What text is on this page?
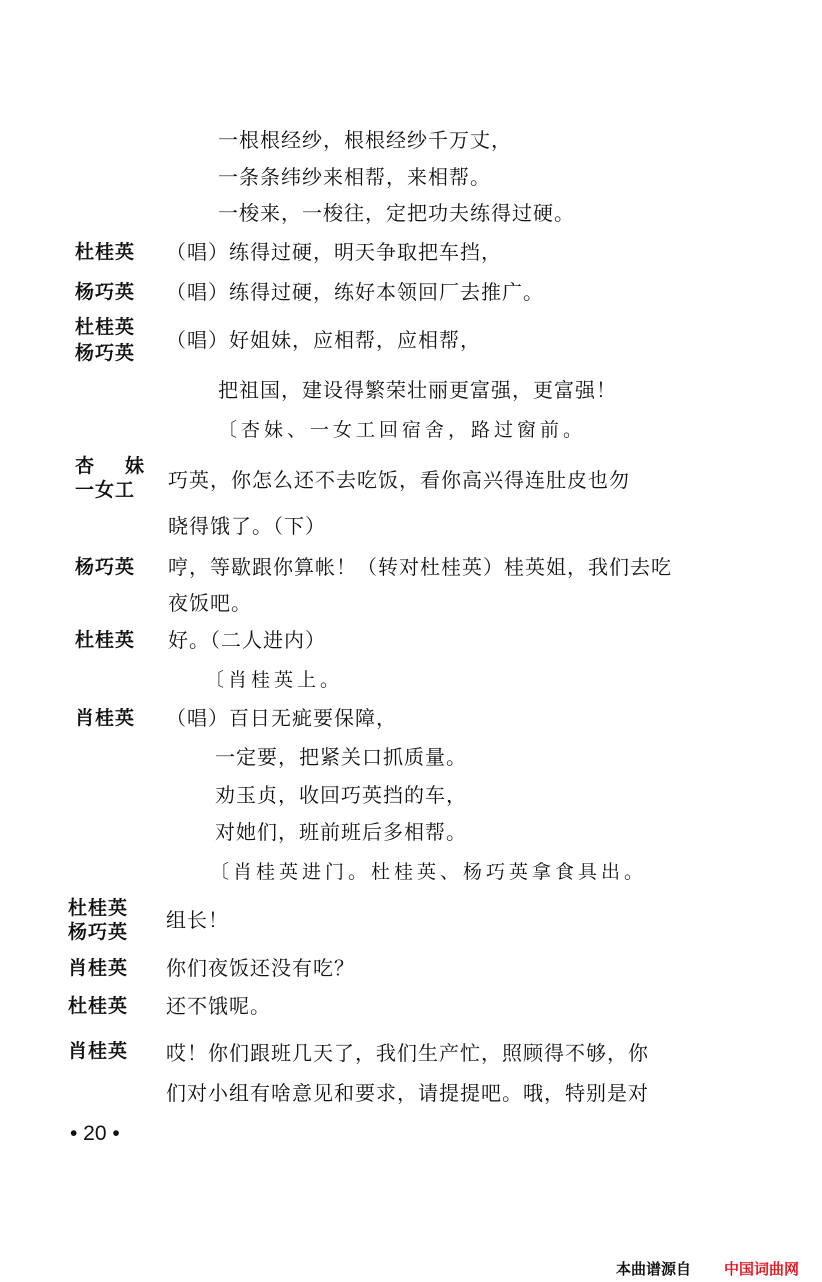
一根根经纱，根根经纱千万丈，
一条条纬纱来相帮，来相帮。
一梭来，一梭往，定把功夫练得过硬。
杜桂英 （唱）练得过硬，明天争取把车挡，
杨巧英 （唱）练得过硬，练好本领回厂去推广。
杜桂英
杨巧英
（唱）好姐妹，应相帮，应相帮，
把祖国，建设得繁荣壮丽更富强，更富强！
〔杏妹、一女工回宿舍，路过窗前。
杏　妹
一女工 巧英，你怎么还不去吃饭，看你高兴得连肚皮也勿
晓得饿了。（下）
杨巧英 哼，等歇跟你算帐！（转对杜桂英）桂英姐，我们去吃
夜饭吧。
杜桂英 好。（二人进内）
〔肖桂英上。
肖桂英 （唱）百日无疵要保障，
一定要，把紧关口抓质量。
劝玉贞，收回巧英挡的车，
对她们，班前班后多相帮。
〔肖桂英进门。杜桂英、杨巧英拿食具出。
杜桂英
杨巧英 组长！
肖桂英 你们夜饭还没有吃？
杜桂英 还不饿呢。
肖桂英 哎！你们跟班几天了，我们生产忙，照顾得不够，你
们对小组有啥意见和要求，请提提吧。哦，特别是对
• 20 •
本曲谱源自 中国词曲网
